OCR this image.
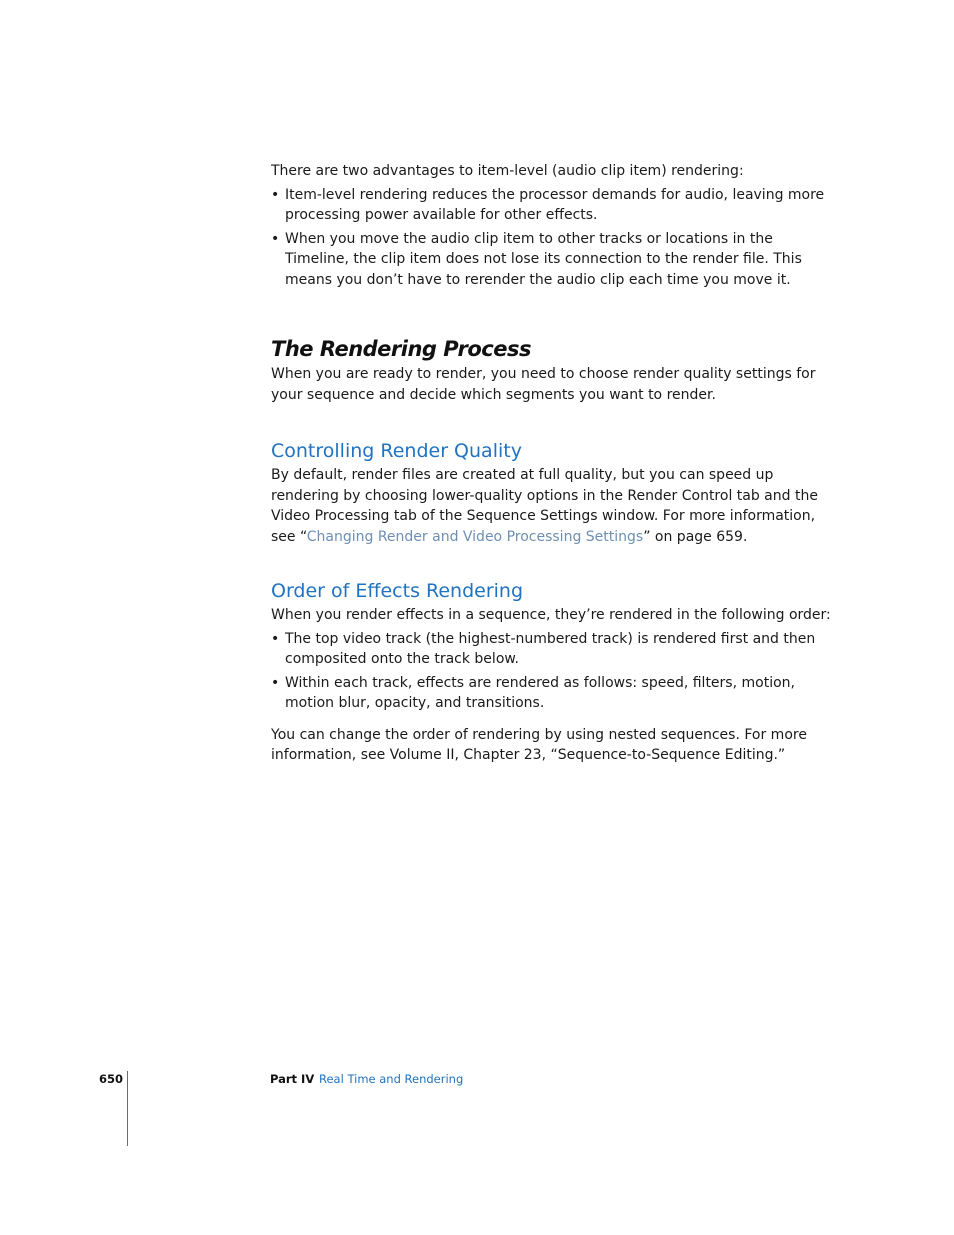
There are two advantages to item-level (audio clip item) rendering:

• Item-level rendering reduces the processor demands for audio, leaving more processing power available for other effects.
• When you move the audio clip item to other tracks or locations in the Timeline, the clip item does not lose its connection to the render file. This means you don’t have to rerender the audio clip each time you move it.
The Rendering Process

When you are ready to render, you need to choose render quality settings for your sequence and decide which segments you want to render.

Controlling Render Quality

By default, render files are created at full quality, but you can speed up rendering by choosing lower-quality options in the Render Control tab and the Video Processing tab of the Sequence Settings window. For more information, see “Changing Render and Video Processing Settings” on page 659.

Order of Effects Rendering

When you render effects in a sequence, they’re rendered in the following order:

• The top video track (the highest-numbered track) is rendered first and then composited onto the track below.
• Within each track, effects are rendered as follows: speed, filters, motion, motion blur, opacity, and transitions.

You can change the order of rendering by using nested sequences. For more information, see Volume II, Chapter 23, “Sequence-to-Sequence Editing.”

650	Part IV Real Time and Rendering
